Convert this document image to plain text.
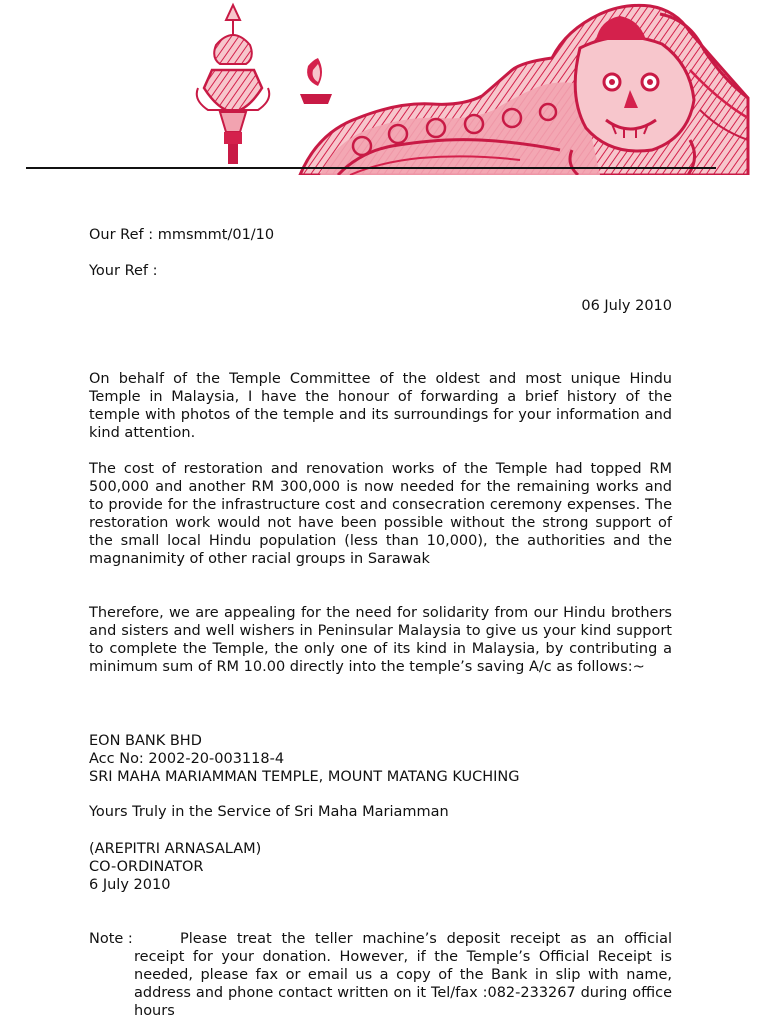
Our Ref : mmsmmt/01/10
Your Ref :
06 July 2010

On behalf of the Temple Committee of the oldest and most unique Hindu Temple in Malaysia, I have the honour of forwarding a brief history of the temple with photos of the temple and its surroundings for your information and kind attention.

The cost of restoration and renovation works of the Temple had topped RM 500,000 and another RM 300,000 is now needed for the remaining works and to provide for the infrastructure cost and consecration ceremony expenses. The restoration work would not have been possible without the strong support of the small local Hindu population (less than 10,000), the authorities and the magnanimity of other racial groups in Sarawak

Therefore, we are appealing for the need for solidarity from our Hindu brothers and sisters and well wishers in Peninsular Malaysia to give us your kind support to complete the Temple, the only one of its kind in Malaysia, by contributing a minimum sum of RM 10.00 directly into the temple’s saving A/c as follows:~

EON BANK BHD
Acc No: 2002-20-003118-4
SRI MAHA MARIAMMAN TEMPLE, MOUNT MATANG KUCHING
Yours Truly in the Service of Sri Maha Mariamman
(AREPITRI ARNASALAM)
CO-ORDINATOR
6 July 2010
Note :	Please treat the teller machine’s deposit receipt as an official receipt for your donation. However, if the Temple’s Official Receipt is needed, please fax or email us a copy of the Bank in slip with name, address and phone contact written on it Tel/fax :082-233267 during office hours
